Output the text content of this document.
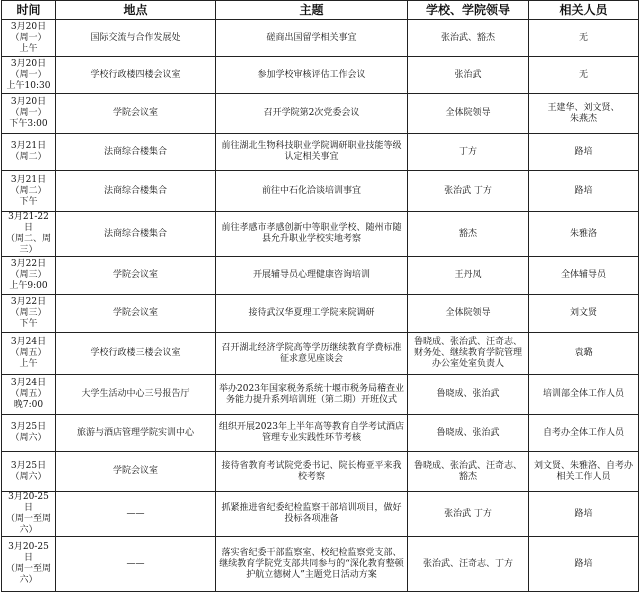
时间	地点	主题	学校、学院领导	相关人员
3月20日
（周一）
上午	国际交流与合作发展处	磋商出国留学相关事宜	张治武、豁杰	无
3月20日
（周一）
上午10:30	学校行政楼四楼会议室	参加学校审核评估工作会议	张治武	无
3月20日
（周一）
下午3:00	学院会议室	召开学院第2次党委会议	全体院领导	王建华、刘文贤、
朱燕杰
3月21日
（周二）	法商综合楼集合	前往湖北生物科技职业学院调研职业技能等级认定相关事宜	丁方	路培
3月21日
（周二）
下午	法商综合楼集合	前往中石化洽谈培训事宜	张治武 丁方	路培
3月21-22日
（周二、周三）	法商综合楼集合	前往孝感市孝感创新中等职业学校、随州市随县允升职业学校实地考察	豁杰	朱雅洛
3月22日
（周三）
上午9:00	学院会议室	开展辅导员心理健康咨询培训	王丹凤	全体辅导员
3月22日
（周三）
下午	学院会议室	接待武汉华夏理工学院来院调研	全体院领导	刘文贤
3月24日
（周五）
上午	学校行政楼三楼会议室	召开湖北经济学院高等学历继续教育学费标准征求意见座谈会	鲁晓成、张治武、汪奇志、财务处、继续教育学院管理办公室处室负责人	袁璐
3月24日
（周五）
晚7:00	大学生活动中心三号报告厅	举办2023年国家税务系统十堰市税务局稽查业务能力提升系列培训班（第二期）开班仪式	鲁晓成、张治武	培训部全体工作人员
3月25日
（周六）	旅游与酒店管理学院实训中心	组织开展2023年上半年高等教育自学考试酒店管理专业实践性环节考核	鲁晓成、张治武	自考办全体工作人员
3月25日
（周六）	学院会议室	接待省教育考试院党委书记、院长梅亚平来我校考察	鲁晓成、张治武、汪奇志、豁杰	刘文贤、朱雅洛、自考办相关工作人员
3月20-25日
（周一至周六）	——	抓紧推进省纪委纪检监察干部培训项目，做好投标各项准备	张治武 丁方	路培
3月20-25日
（周一至周六）	——	落实省纪委干部监察室、校纪检监察党支部、继续教育学院党支部共同参与的“深化教育整顿 护航立德树人”主题党日活动方案	张治武、汪奇志、丁方	路培
